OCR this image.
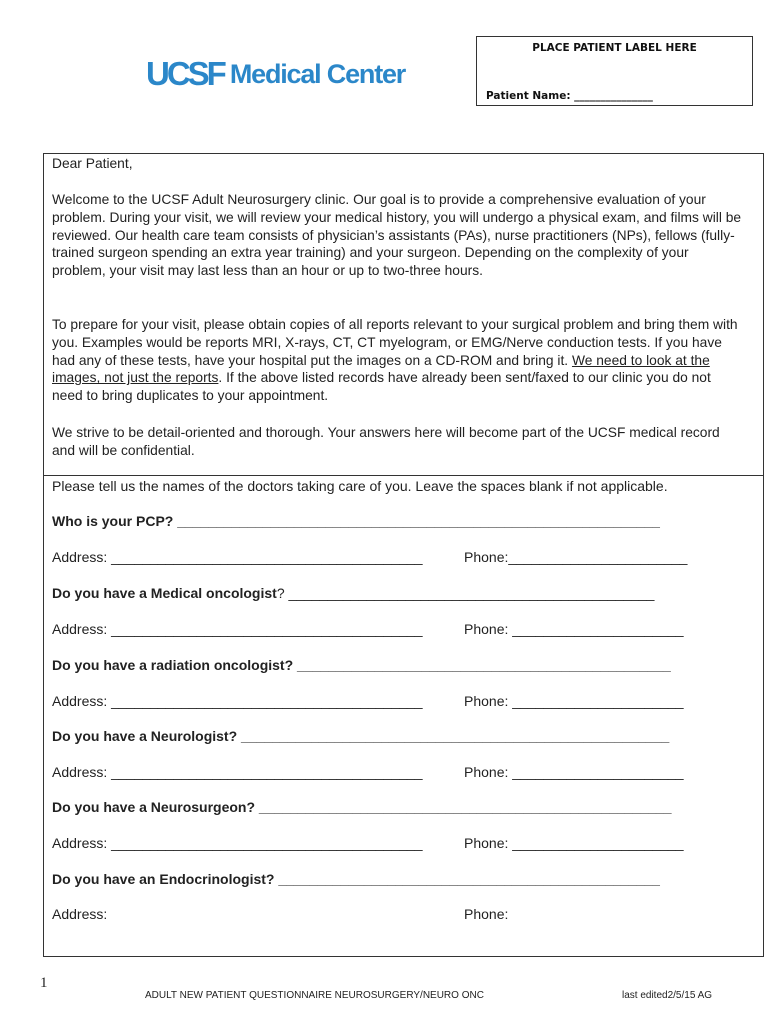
UCSF Medical Center
PLACE PATIENT LABEL HERE
Patient Name: _______________

Dear Patient,

Welcome to the UCSF Adult Neurosurgery clinic. Our goal is to provide a comprehensive evaluation of your problem. During your visit, we will review your medical history, you will undergo a physical exam, and films will be reviewed. Our health care team consists of physician’s assistants (PAs), nurse practitioners (NPs), fellows (fully-trained surgeon spending an extra year training) and your surgeon. Depending on the complexity of your problem, your visit may last less than an hour or up to two-three hours.

To prepare for your visit, please obtain copies of all reports relevant to your surgical problem and bring them with you. Examples would be reports MRI, X-rays, CT, CT myelogram, or EMG/Nerve conduction tests. If you have had any of these tests, have your hospital put the images on a CD-ROM and bring it. We need to look at the images, not just the reports. If the above listed records have already been sent/faxed to our clinic you do not need to bring duplicates to your appointment.

We strive to be detail-oriented and thorough. Your answers here will become part of the UCSF medical record and will be confidential.

Please tell us the names of the doctors taking care of you. Leave the spaces blank if not applicable.
Who is your PCP? ______________________________________________________________
Address: ________________________________________	Phone:_______________________
Do you have a Medical oncologist? _______________________________________________
Address: ________________________________________	Phone: ______________________
Do you have a radiation oncologist? ________________________________________________
Address: ________________________________________	Phone: ______________________
Do you have a Neurologist? _______________________________________________________
Address: ________________________________________	Phone: ______________________
Do you have a Neurosurgeon? _____________________________________________________
Address: ________________________________________	Phone: ______________________
Do you have an Endocrinologist? _________________________________________________
Address:	Phone:
1
ADULT NEW PATIENT QUESTIONNAIRE NEUROSURGERY/NEURO ONC	last edited2/5/15 AG
